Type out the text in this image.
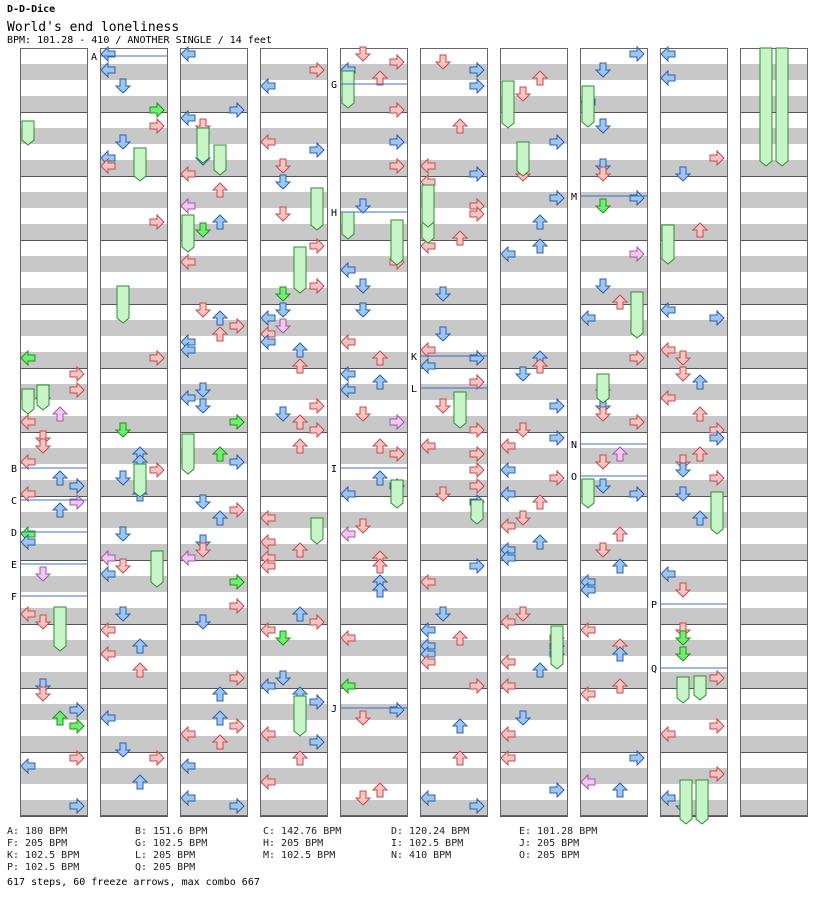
D-D-Dice
World's end loneliness
BPM: 101.28 - 410 / ANOTHER SINGLE / 14 feet
A
B
C
D
E
F
G
H
I
J
K
L
M
N
O
P
Q
A: 180 BPM	B: 151.6 BPM	C: 142.76 BPM	D: 120.24 BPM	E: 101.28 BPM
F: 205 BPM	G: 102.5 BPM	H: 205 BPM	I: 102.5 BPM	J: 205 BPM
K: 102.5 BPM	L: 205 BPM	M: 102.5 BPM	N: 410 BPM	O: 205 BPM
P: 102.5 BPM	Q: 205 BPM
617 steps, 60 freeze arrows, max combo 667
